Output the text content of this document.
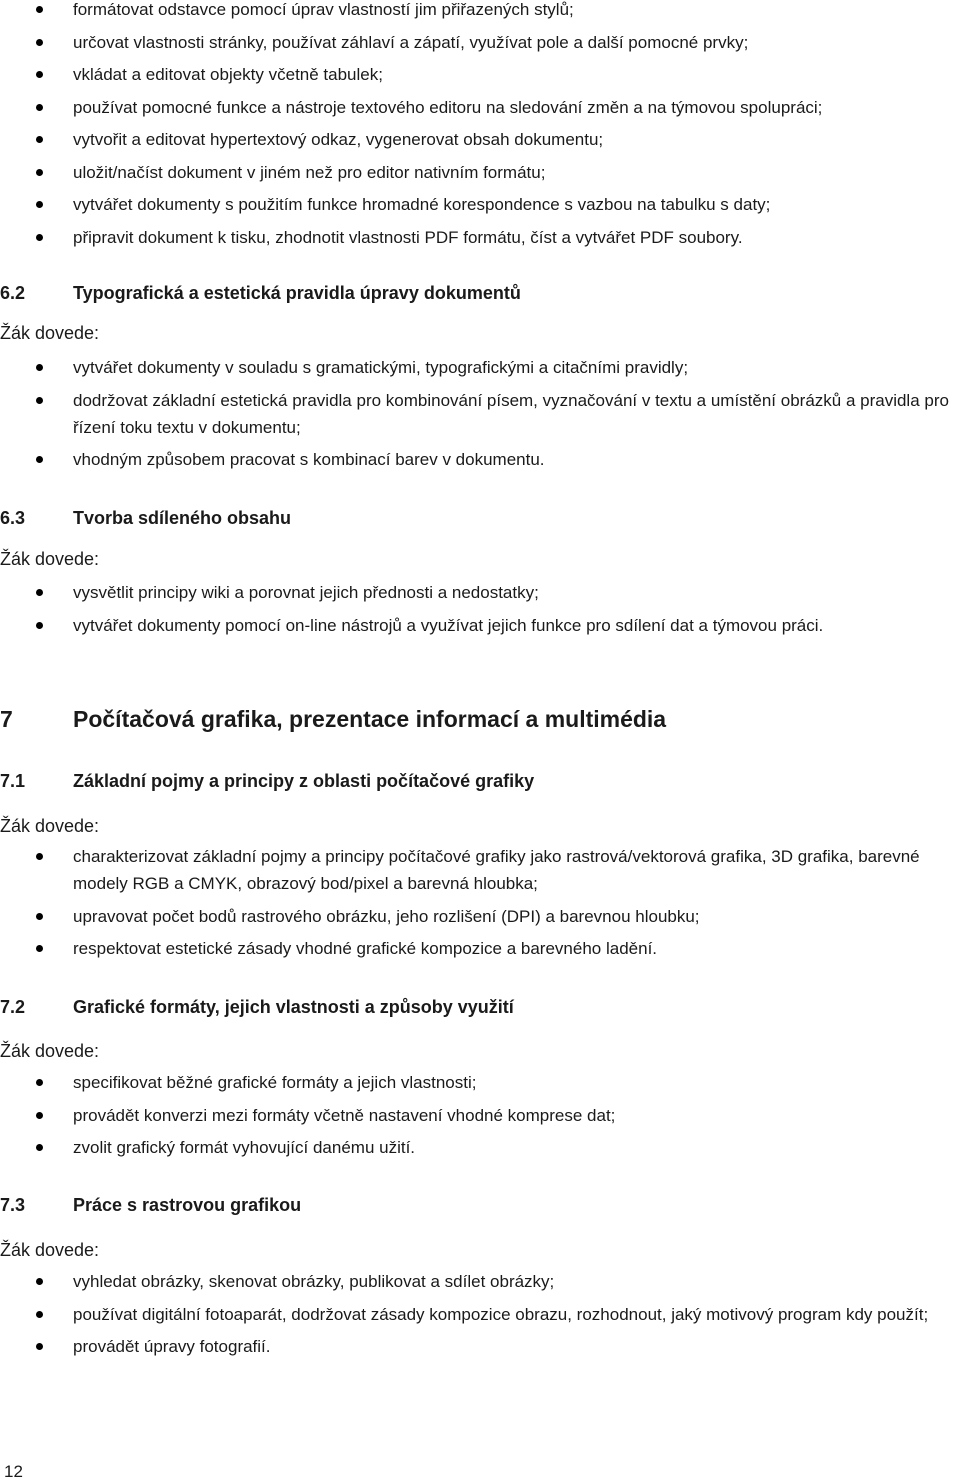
formátovat odstavce pomocí úprav vlastností jim přiřazených stylů;
určovat vlastnosti stránky, používat záhlaví a zápatí, využívat pole a další pomocné prvky;
vkládat a editovat objekty včetně tabulek;
používat pomocné funkce a nástroje textového editoru na sledování změn a na týmovou spolupráci;
vytvořit a editovat hypertextový odkaz, vygenerovat obsah dokumentu;
uložit/načíst dokument v jiném než pro editor nativním formátu;
vytvářet dokumenty s použitím funkce hromadné korespondence s vazbou na tabulku s daty;
připravit dokument k tisku, zhodnotit vlastnosti PDF formátu, číst a vytvářet PDF soubory.
6.2	Typografická a estetická pravidla úpravy dokumentů

Žák dovede:

vytvářet dokumenty v souladu s gramatickými, typografickými a citačními pravidly;
dodržovat základní estetická pravidla pro kombinování písem, vyznačování v textu a umístění obrázků a pravidla pro řízení toku textu v dokumentu;
vhodným způsobem pracovat s kombinací barev v dokumentu.
6.3	Tvorba sdíleného obsahu

Žák dovede:

vysvětlit principy wiki a porovnat jejich přednosti a nedostatky;
vytvářet dokumenty pomocí on-line nástrojů a využívat jejich funkce pro sdílení dat a týmovou práci.
7	Počítačová grafika, prezentace informací a multimédia
7.1	Základní pojmy a principy z oblasti počítačové grafiky

Žák dovede:

charakterizovat základní pojmy a principy počítačové grafiky jako rastrová/vektorová grafika, 3D grafika, barevné modely RGB a CMYK, obrazový bod/pixel a barevná hloubka;
upravovat počet bodů rastrového obrázku, jeho rozlišení (DPI) a barevnou hloubku;
respektovat estetické zásady vhodné grafické kompozice a barevného ladění.
7.2	Grafické formáty, jejich vlastnosti a způsoby využití

Žák dovede:

specifikovat běžné grafické formáty a jejich vlastnosti;
provádět konverzi mezi formáty včetně nastavení vhodné komprese dat;
zvolit grafický formát vyhovující danému užití.
7.3	Práce s rastrovou grafikou

Žák dovede:

vyhledat obrázky, skenovat obrázky, publikovat a sdílet obrázky;
používat digitální fotoaparát, dodržovat zásady kompozice obrazu, rozhodnout, jaký motivový program kdy použít;
provádět úpravy fotografií.
12
